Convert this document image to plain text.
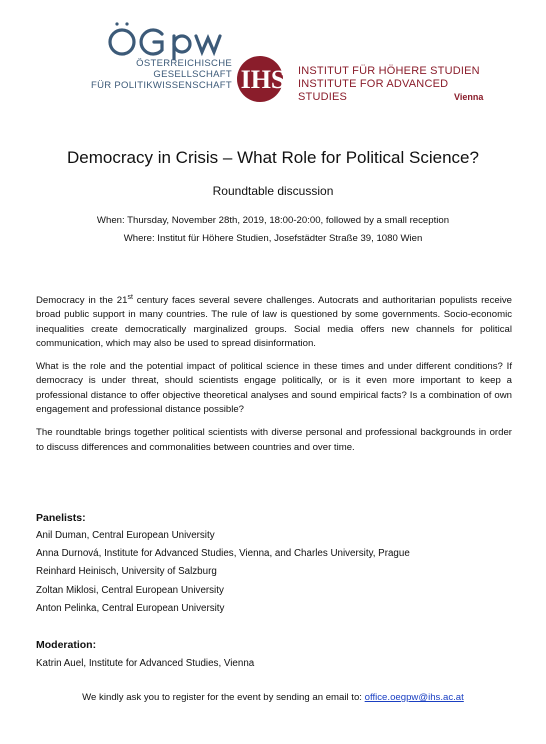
ÖSTERREICHISCHE GESELLSCHAFT
FÜR POLITIKWISSENSCHAFT IHS INSTITUT FÜR HÖHERE STUDIEN
INSTITUTE FOR ADVANCED STUDIES	Vienna
Democracy in Crisis – What Role for Political Science?
Roundtable discussion
When: Thursday, November 28th, 2019, 18:00-20:00, followed by a small reception
Where: Institut für Höhere Studien, Josefstädter Straße 39, 1080 Wien

Democracy in the 21st century faces several severe challenges. Autocrats and authoritarian populists receive broad public support in many countries. The rule of law is questioned by some governments. Socio-economic inequalities create democratically marginalized groups. Social media offers new channels for political communication, which may also be used to spread disinformation.

What is the role and the potential impact of political science in these times and under different conditions? If democracy is under threat, should scientists engage politically, or is it even more important to keep a professional distance to offer objective theoretical analyses and sound empirical facts? Is a combination of own engagement and professional distance possible?

The roundtable brings together political scientists with diverse personal and professional backgrounds in order to discuss differences and commonalities between countries and over time.

Panelists:
Anil Duman, Central European University
Anna Durnová, Institute for Advanced Studies, Vienna, and Charles University, Prague
Reinhard Heinisch, University of Salzburg
Zoltan Miklosi, Central European University
Anton Pelinka, Central European University
Moderation:
Katrin Auel, Institute for Advanced Studies, Vienna
We kindly ask you to register for the event by sending an email to: office.oegpw@ihs.ac.at
